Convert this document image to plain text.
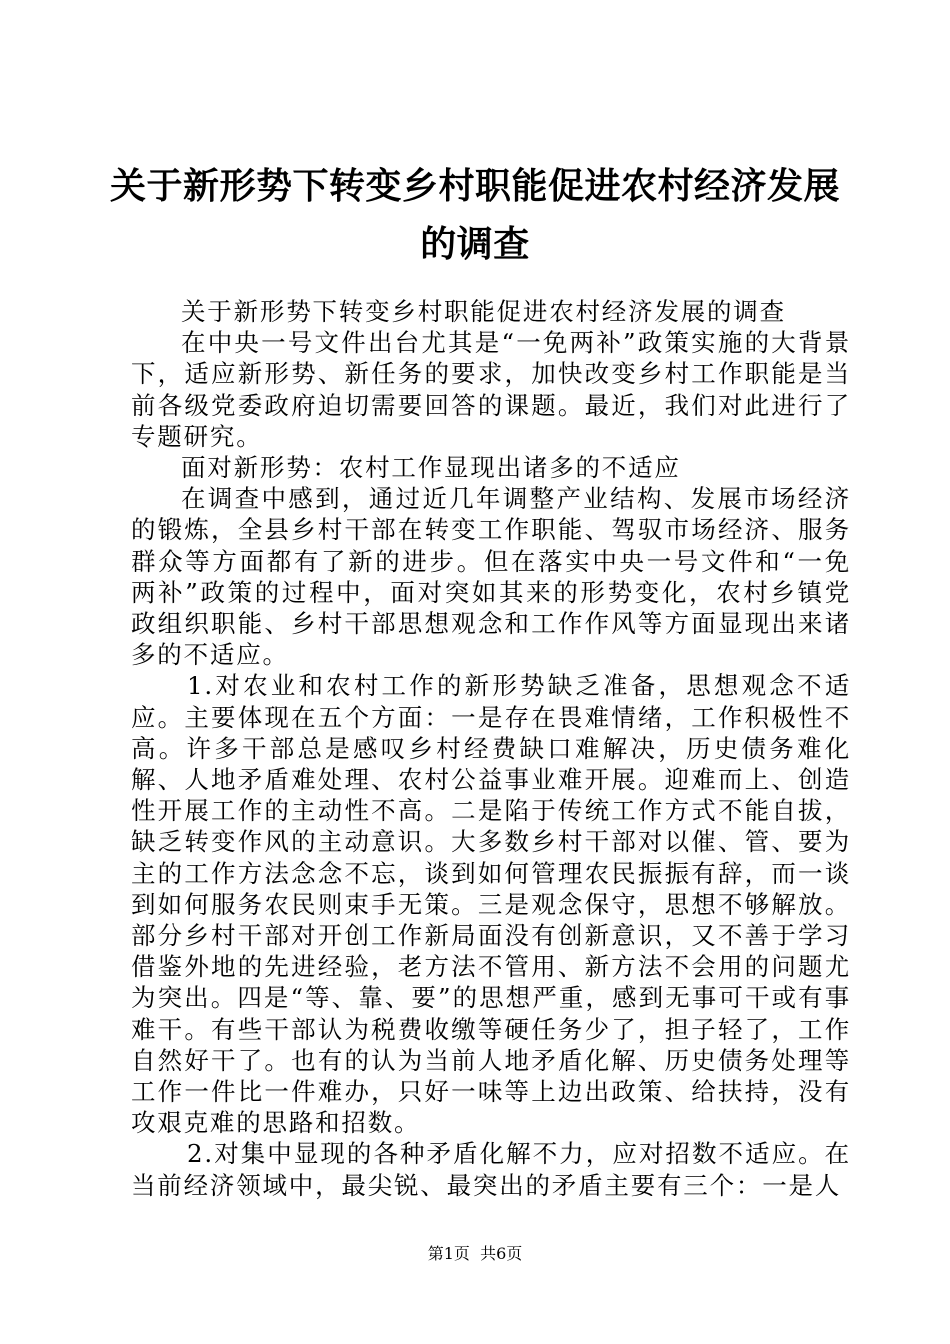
关于新形势下转变乡村职能促进农村经济发展的调查

关于新形势下转变乡村职能促进农村经济发展的调查

在中央一号文件出台尤其是“一免两补”政策实施的大背景下，适应新形势、新任务的要求，加快改变乡村工作职能是当前各级党委政府迫切需要回答的课题。最近，我们对此进行了专题研究。

面对新形势：农村工作显现出诸多的不适应

在调查中感到，通过近几年调整产业结构、发展市场经济的锻炼，全县乡村干部在转变工作职能、驾驭市场经济、服务群众等方面都有了新的进步。但在落实中央一号文件和“一免两补”政策的过程中，面对突如其来的形势变化，农村乡镇党政组织职能、乡村干部思想观念和工作作风等方面显现出来诸多的不适应。

1.对农业和农村工作的新形势缺乏准备，思想观念不适应。主要体现在五个方面：一是存在畏难情绪，工作积极性不高。许多干部总是感叹乡村经费缺口难解决，历史债务难化解、人地矛盾难处理、农村公益事业难开展。迎难而上、创造性开展工作的主动性不高。二是陷于传统工作方式不能自拔，缺乏转变作风的主动意识。大多数乡村干部对以催、管、要为主的工作方法念念不忘，谈到如何管理农民振振有辞，而一谈到如何服务农民则束手无策。三是观念保守，思想不够解放。部分乡村干部对开创工作新局面没有创新意识，又不善于学习借鉴外地的先进经验，老方法不管用、新方法不会用的问题尤为突出。四是“等、靠、要”的思想严重，感到无事可干或有事难干。有些干部认为税费收缴等硬任务少了，担子轻了，工作自然好干了。也有的认为当前人地矛盾化解、历史债务处理等工作一件比一件难办，只好一味等上边出政策、给扶持，没有攻艰克难的思路和招数。

2.对集中显现的各种矛盾化解不力，应对招数不适应。在当前经济领域中，最尖锐、最突出的矛盾主要有三个：一是人

第1页 共6页
